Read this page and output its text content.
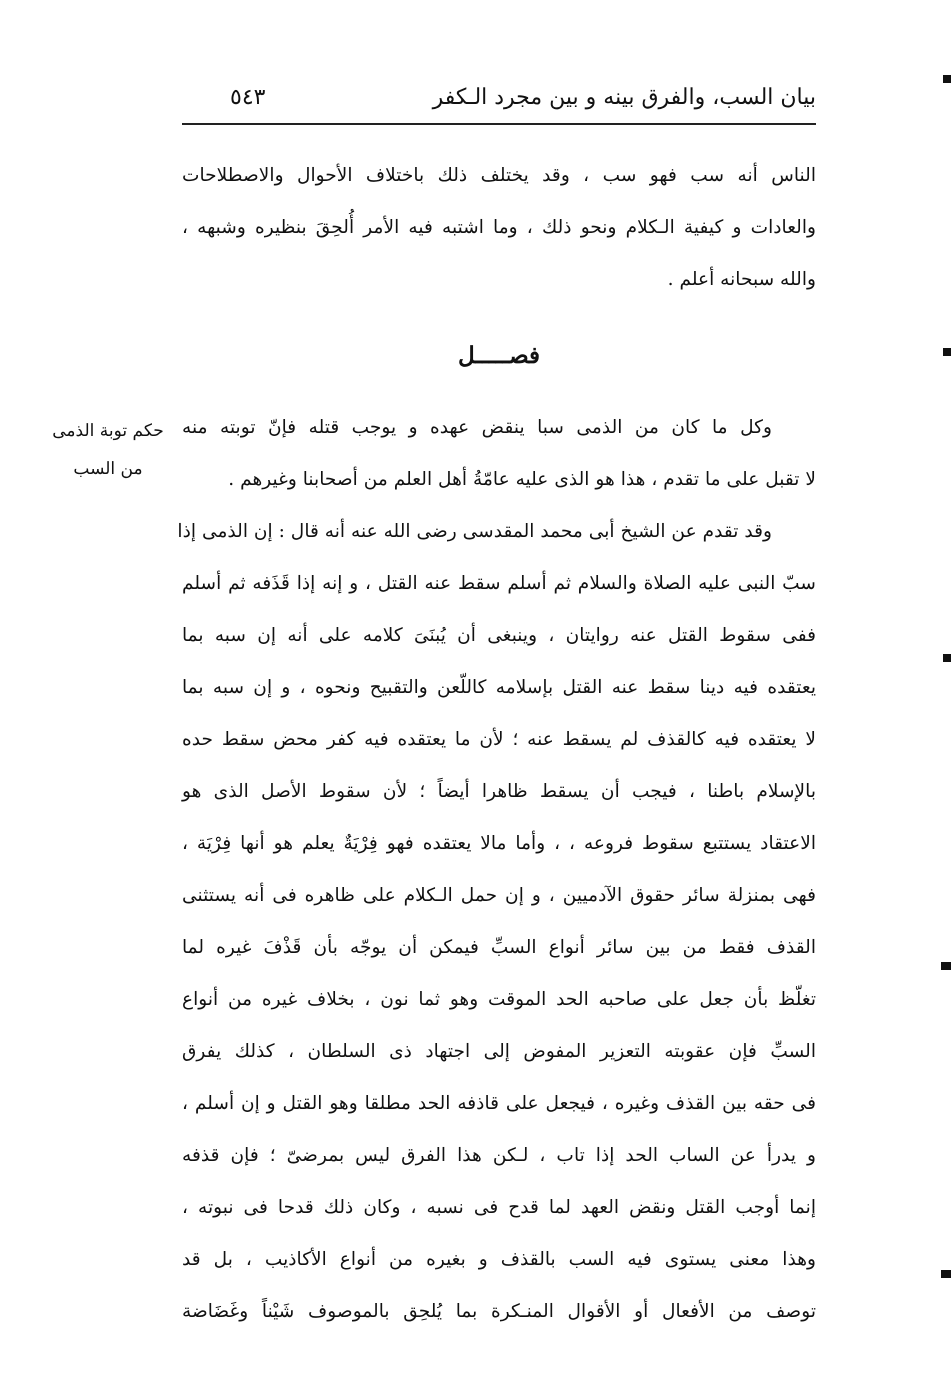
بيان السب، والفرق بينه و بين مجرد الـكفر
٥٤٣
الناس أنه سب فهو سب ، وقد يختلف ذلك باختلاف الأحوال والاصطلاحات
والعادات و كيفية الـكلام ونحو ذلك ، وما اشتبه فيه الأمر أُلحِقَ بنظيره وشبهه ،
والله سبحانه أعلم .
فصـــــل
حكم توبة الذمى
من السب
وكل ما كان من الذمى سبا ينقض عهده و يوجب قتله فإنّ توبته منه
لا تقبل على ما تقدم ، هذا هو الذى عليه عامّةُ أهل العلم من أصحابنا وغيرهم .
وقد تقدم عن الشيخ أبى محمد المقدسى رضى الله عنه أنه قال : إن الذمى إذا
سبّ النبى عليه الصلاة والسلام ثم أسلم سقط عنه القتل ، و إنه إذا قَذَفه ثم أسلم
ففى سقوط القتل عنه روايتان ، وينبغى أن يُبنَىَ كلامه على أنه إن سبه بما
يعتقده فيه دينا سقط عنه القتل بإسلامه كاللّعن والتقبيح ونحوه ، و إن سبه بما
لا يعتقده فيه كالقذف لم يسقط عنه ؛ لأن ما يعتقده فيه كفر محض سقط حده
بالإسلام باطنا ، فيجب أن يسقط ظاهرا أيضاً ؛ لأن سقوط الأصل الذى هو
الاعتقاد يستتبع سقوط فروعه ، ، وأما مالا يعتقده فهو فِرْيَةٌ يعلم هو أنها فِرْيَة ،
فهى بمنزلة سائر حقوق الآدميين ، و إن حمل الـكلام على ظاهره فى أنه يستثنى
القذف فقط من بين سائر أنواع السبِّ فيمكن أن يوجّه بأن قَذْفَ غيره لما
تغلّظ بأن جعل على صاحبه الحد الموقت وهو ثما نون ، بخلاف غيره من أنواع
السبِّ فإن عقوبته التعزير المفوض إلى اجتهاد ذى السلطان ، كذلك يفرق
فى حقه بين القذف وغيره ، فيجعل على قاذفه الحد مطلقا وهو القتل و إن أسلم ،
و يدرأ عن الساب الحد إذا تاب ، لـكن هذا الفرق ليس بمرضىّ ؛ فإن قذفه
إنما أوجب القتل ونقض العهد لما قدح فى نسبه ، وكان ذلك قدحا فى نبوته ،
وهذا معنى يستوى فيه السب بالقذف و بغيره من أنواع الأكاذيب ، بل قد
توصف من الأفعال أو الأقوال المنـكرة بما يُلحِق بالموصوف شَيْناً وغَضَاضة
